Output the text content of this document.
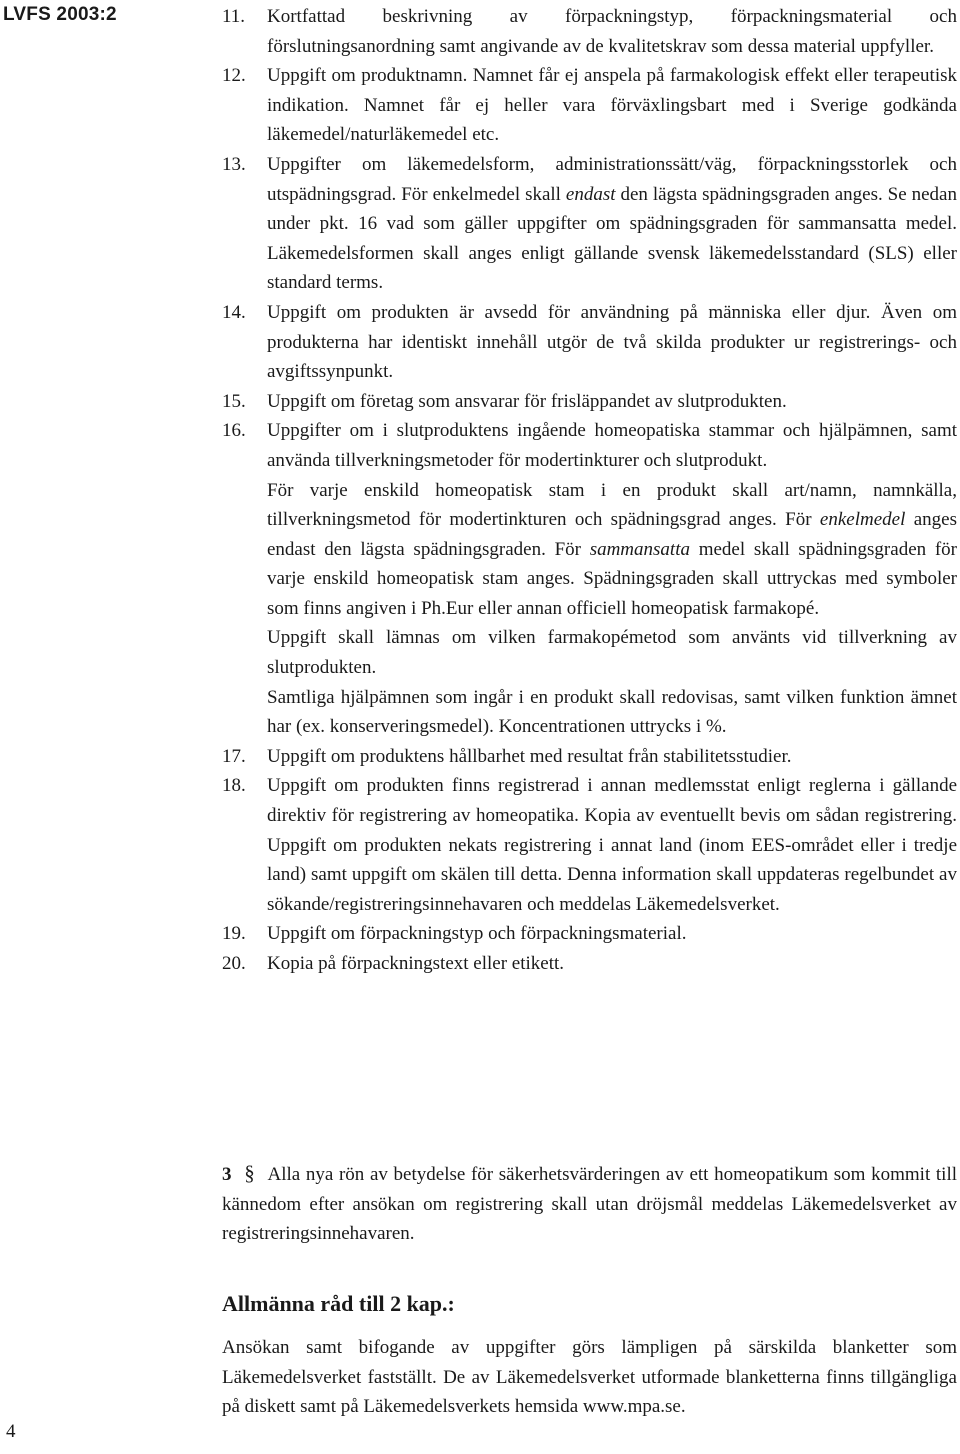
LVFS 2003:2	11.	Kortfattad beskrivning av förpackningstyp, förpackningsmaterial och förslutningsanordning samt angivande av de kvalitetskrav som dessa material uppfyller.

12.	Uppgift om produktnamn. Namnet får ej anspela på farmakologisk effekt eller terapeutisk indikation. Namnet får ej heller vara förväxlingsbart med i Sverige godkända läkemedel/naturläkemedel etc.

13.	Uppgifter om läkemedelsform, administrationssätt/väg, förpackningsstorlek och utspädningsgrad. För enkelmedel skall endast den lägsta spädningsgraden anges. Se nedan under pkt. 16 vad som gäller uppgifter om spädningsgraden för sammansatta medel. Läkemedelsformen skall anges enligt gällande svensk läkemedelsstandard (SLS) eller standard terms.

14.	Uppgift om produkten är avsedd för användning på människa eller djur. Även om produkterna har identiskt innehåll utgör de två skilda produkter ur registrerings- och avgiftssynpunkt.

15.	Uppgift om företag som ansvarar för frisläppandet av slutprodukten.

16.	Uppgifter om i slutproduktens ingående homeopatiska stammar och hjälpämnen, samt använda tillverkningsmetoder för modertinkturer och slutprodukt.

För varje enskild homeopatisk stam i en produkt skall art/namn, namnkälla, tillverkningsmetod för modertinkturen och spädningsgrad anges. För enkelmedel anges endast den lägsta spädningsgraden. För sammansatta medel skall spädningsgraden för varje enskild homeopatisk stam anges. Spädningsgraden skall uttryckas med symboler som finns angiven i Ph.Eur eller annan officiell homeopatisk farmakopé.

Uppgift skall lämnas om vilken farmakopémetod som använts vid tillverkning av slutprodukten.

Samtliga hjälpämnen som ingår i en produkt skall redovisas, samt vilken funktion ämnet har (ex. konserveringsmedel). Koncentrationen uttrycks i %.

17.	Uppgift om produktens hållbarhet med resultat från stabilitetsstudier.

18.	Uppgift om produkten finns registrerad i annan medlemsstat enligt reglerna i gällande direktiv för registrering av homeopatika. Kopia av eventuellt bevis om sådan registrering. Uppgift om produkten nekats registrering i annat land (inom EES-området eller i tredje land) samt uppgift om skälen till detta. Denna information skall uppdateras regelbundet av sökande/registreringsinnehavaren och meddelas Läkemedelsverket.

19.	Uppgift om förpackningstyp och förpackningsmaterial.

20.	Kopia på förpackningstext eller etikett.

3 § Alla nya rön av betydelse för säkerhetsvärderingen av ett homeopatikum som kommit till kännedom efter ansökan om registrering skall utan dröjsmål meddelas Läkemedelsverket av registreringsinnehavaren.

Allmänna råd till 2 kap.:

Ansökan samt bifogande av uppgifter görs lämpligen på särskilda blanketter som Läkemedelsverket fastställt. De av Läkemedelsverket utformade blanketterna finns tillgängliga på diskett samt på Läkemedelsverkets hemsida www.mpa.se.

4
